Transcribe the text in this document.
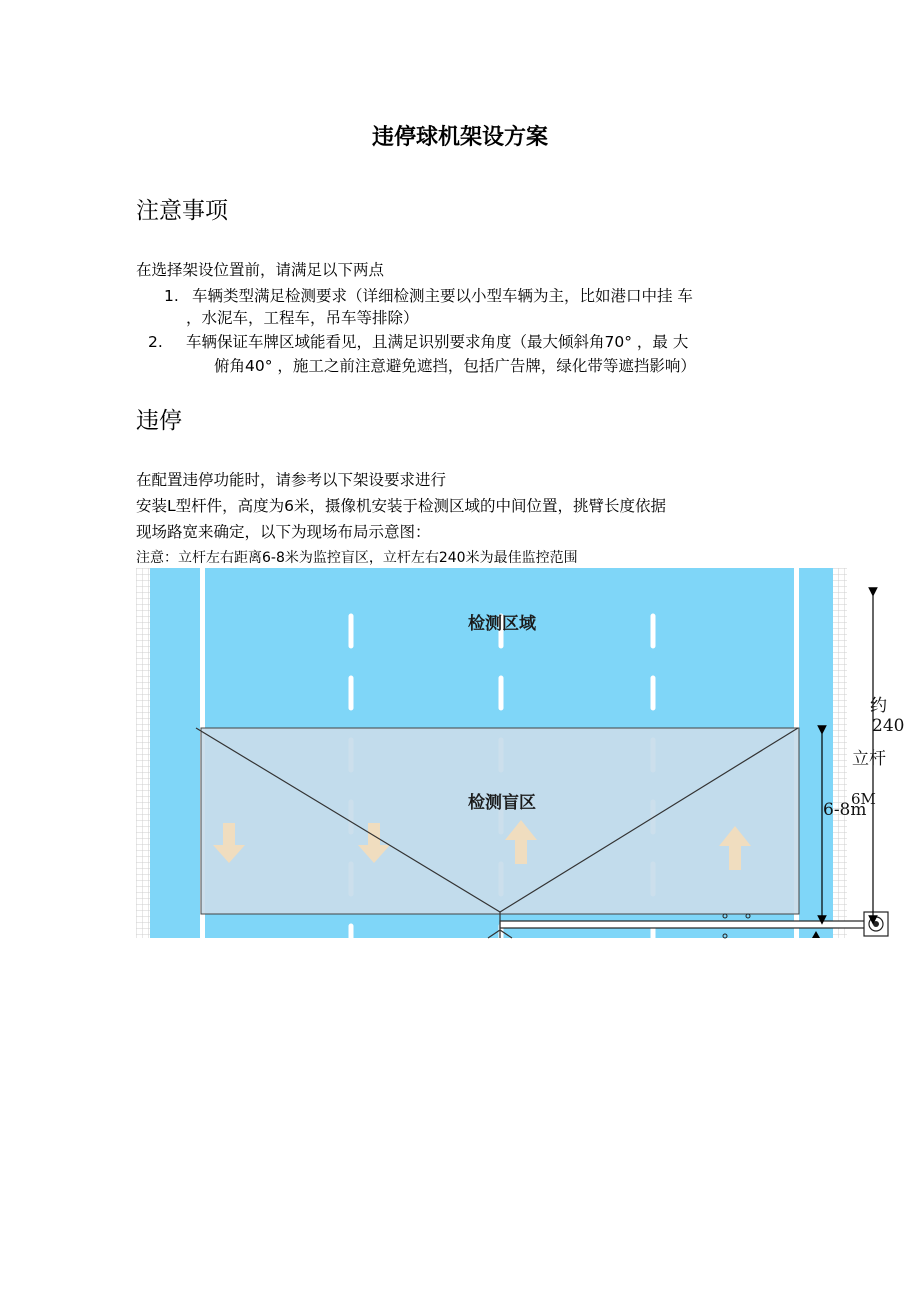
违停球机架设方案
注意事项
在选择架设位置前，请满足以下两点
1. 车辆类型满足检测要求（详细检测主要以小型车辆为主，比如港口中挂 车
，水泥车，工程车，吊车等排除）
2. 车辆保证车牌区域能看见，且满足识别要求角度（最大倾斜角70° ，最 大
俯角40° ，施工之前注意避免遮挡，包括广告牌，绿化带等遮挡影响）
违停
在配置违停功能时，请参考以下架设要求进行
安装L型杆件，高度为6米，摄像机安装于检测区域的中间位置，挑臂长度依据
现场路宽来确定，以下为现场布局示意图：
注意：立杆左右距离6-8米为监控盲区，立杆左右240米为最佳监控范围
检测区域
检测盲区
约
240
立杆
6M
6-8m
